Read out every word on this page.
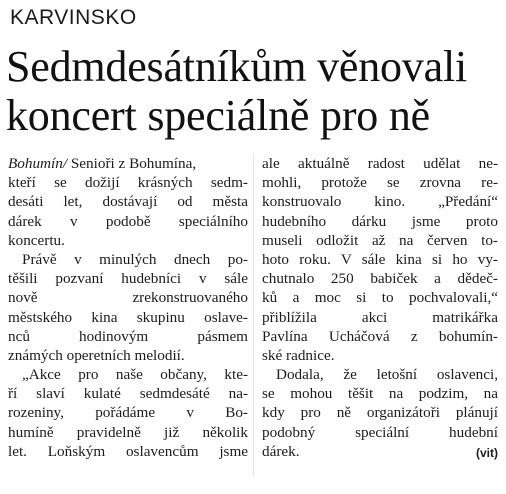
KARVINSKO
Sedmdesátníkům věnovali
koncert speciálně pro ně
Bohumín/ Senioři z Bohumína,
kteří se dožijí krásných sedm-
desáti let, dostávají od města
dárek v podobě speciálního
koncertu.
Právě v minulých dnech po-
těšili pozvaní hudebníci v sále
nově zrekonstruovaného
městského kina skupinu oslave-
nců hodinovým pásmem
známých operetních melodií.
„Akce pro naše občany, kte-
ří slaví kulaté sedmdesáté na-
rozeniny, pořádáme v Bo-
humíně pravidelně již několik
let. Loňským oslavencům jsme
ale aktuálně radost udělat ne-
mohli, protože se zrovna re-
konstruovalo kino. „Předání“
hudebního dárku jsme proto
museli odložit až na červen to-
hoto roku. V sále kina si ho vy-
chutnalo 250 babiček a dědeč-
ků a moc si to pochvalovali,“
přiblížila akci matrikářka
Pavlína Ucháčová z bohumín-
ské radnice.
Dodala, že letošní oslavenci,
se mohou těšit na podzim, na
kdy pro ně organizátoři plánují
podobný speciální hudební
dárek.	(vit)
